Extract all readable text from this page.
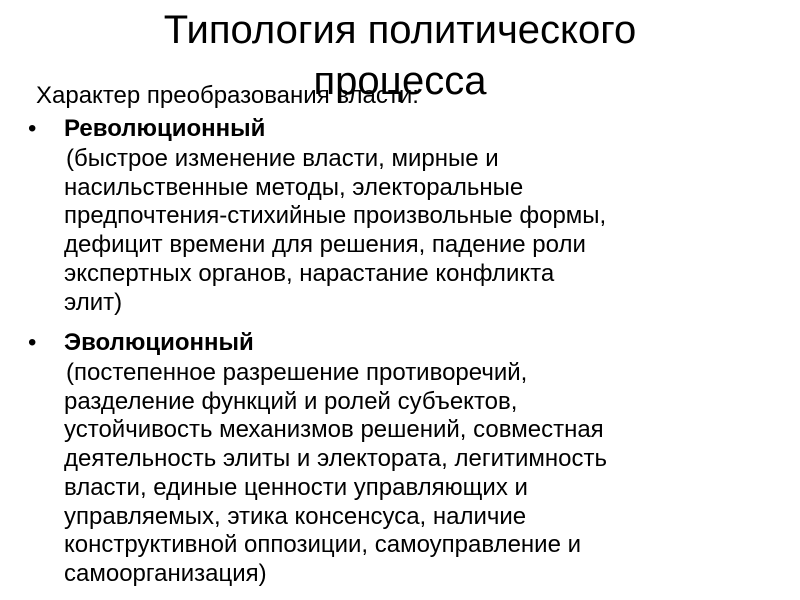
Типология политического
процесса
Характер преобразования власти:
• Революционный
(быстрое изменение власти, мирные и
насильственные методы, электоральные
предпочтения-стихийные произвольные формы,
дефицит времени для решения, падение роли
экспертных органов, нарастание конфликта
элит)
• Эволюционный
(постепенное разрешение противоречий,
разделение функций и ролей субъектов,
устойчивость механизмов решений, совместная
деятельность элиты и электората, легитимность
власти, единые ценности управляющих и
управляемых, этика консенсуса, наличие
конструктивной оппозиции, самоуправление и
самоорганизация)
